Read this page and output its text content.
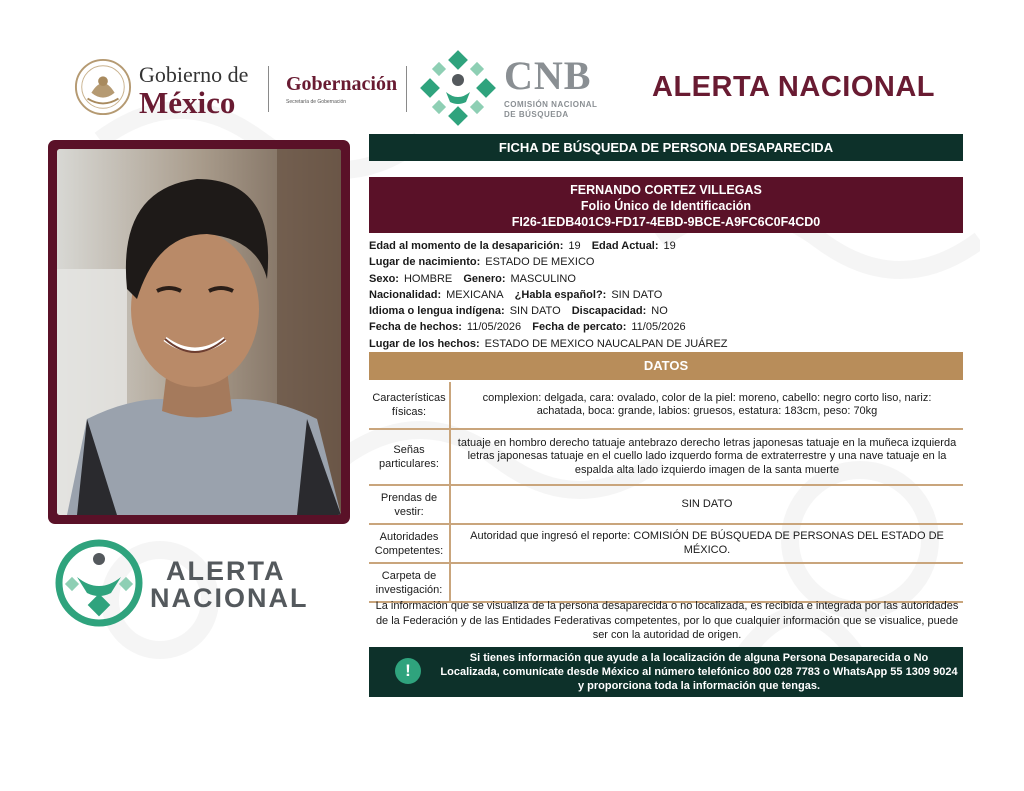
Gobierno de
México
Gobernación
Secretaría de Gobernación
CNB
COMISIÓN NACIONAL
DE BÚSQUEDA
ALERTA NACIONAL
ALERTA
NACIONAL
FICHA DE BÚSQUEDA DE PERSONA DESAPARECIDA
FERNANDO CORTEZ VILLEGAS
Folio Único de Identificación
FI26-1EDB401C9-FD17-4EBD-9BCE-A9FC6C0F4CD0
Edad al momento de la desaparición: 19 Edad Actual: 19
Lugar de nacimiento: ESTADO DE MEXICO
Sexo: HOMBRE Genero: MASCULINO
Nacionalidad: MEXICANA ¿Habla español?: SIN DATO
Idioma o lengua indígena: SIN DATO Discapacidad: NO
Fecha de hechos: 11/05/2026 Fecha de percato: 11/05/2026
Lugar de los hechos: ESTADO DE MEXICO NAUCALPAN DE JUÁREZ
DATOS
Características físicas:
complexion: delgada, cara: ovalado, color de la piel: moreno, cabello: negro corto liso, nariz: achatada, boca: grande, labios: gruesos, estatura: 183cm, peso: 70kg
Señas particulares:
tatuaje en hombro derecho tatuaje antebrazo derecho letras japonesas tatuaje en la muñeca izquierda letras japonesas tatuaje en el cuello lado izquerdo forma de extraterrestre y una nave tatuaje en la espalda alta lado izquierdo imagen de la santa muerte
Prendas de vestir:
SIN DATO
Autoridades Competentes:
Autoridad que ingresó el reporte: COMISIÓN DE BÚSQUEDA DE PERSONAS DEL ESTADO DE MÉXICO.
Carpeta de investigación:
La información que se visualiza de la persona desaparecida o no localizada, es recibida e integrada por las autoridades de la Federación y de las Entidades Federativas competentes, por lo que cualquier información que se visualice, puede ser con la autoridad de origen.
!
Si tienes información que ayude a la localización de alguna Persona Desaparecida o No Localizada, comunícate desde México al número telefónico 800 028 7783 o WhatsApp 55 1309 9024 y proporciona toda la información que tengas.
